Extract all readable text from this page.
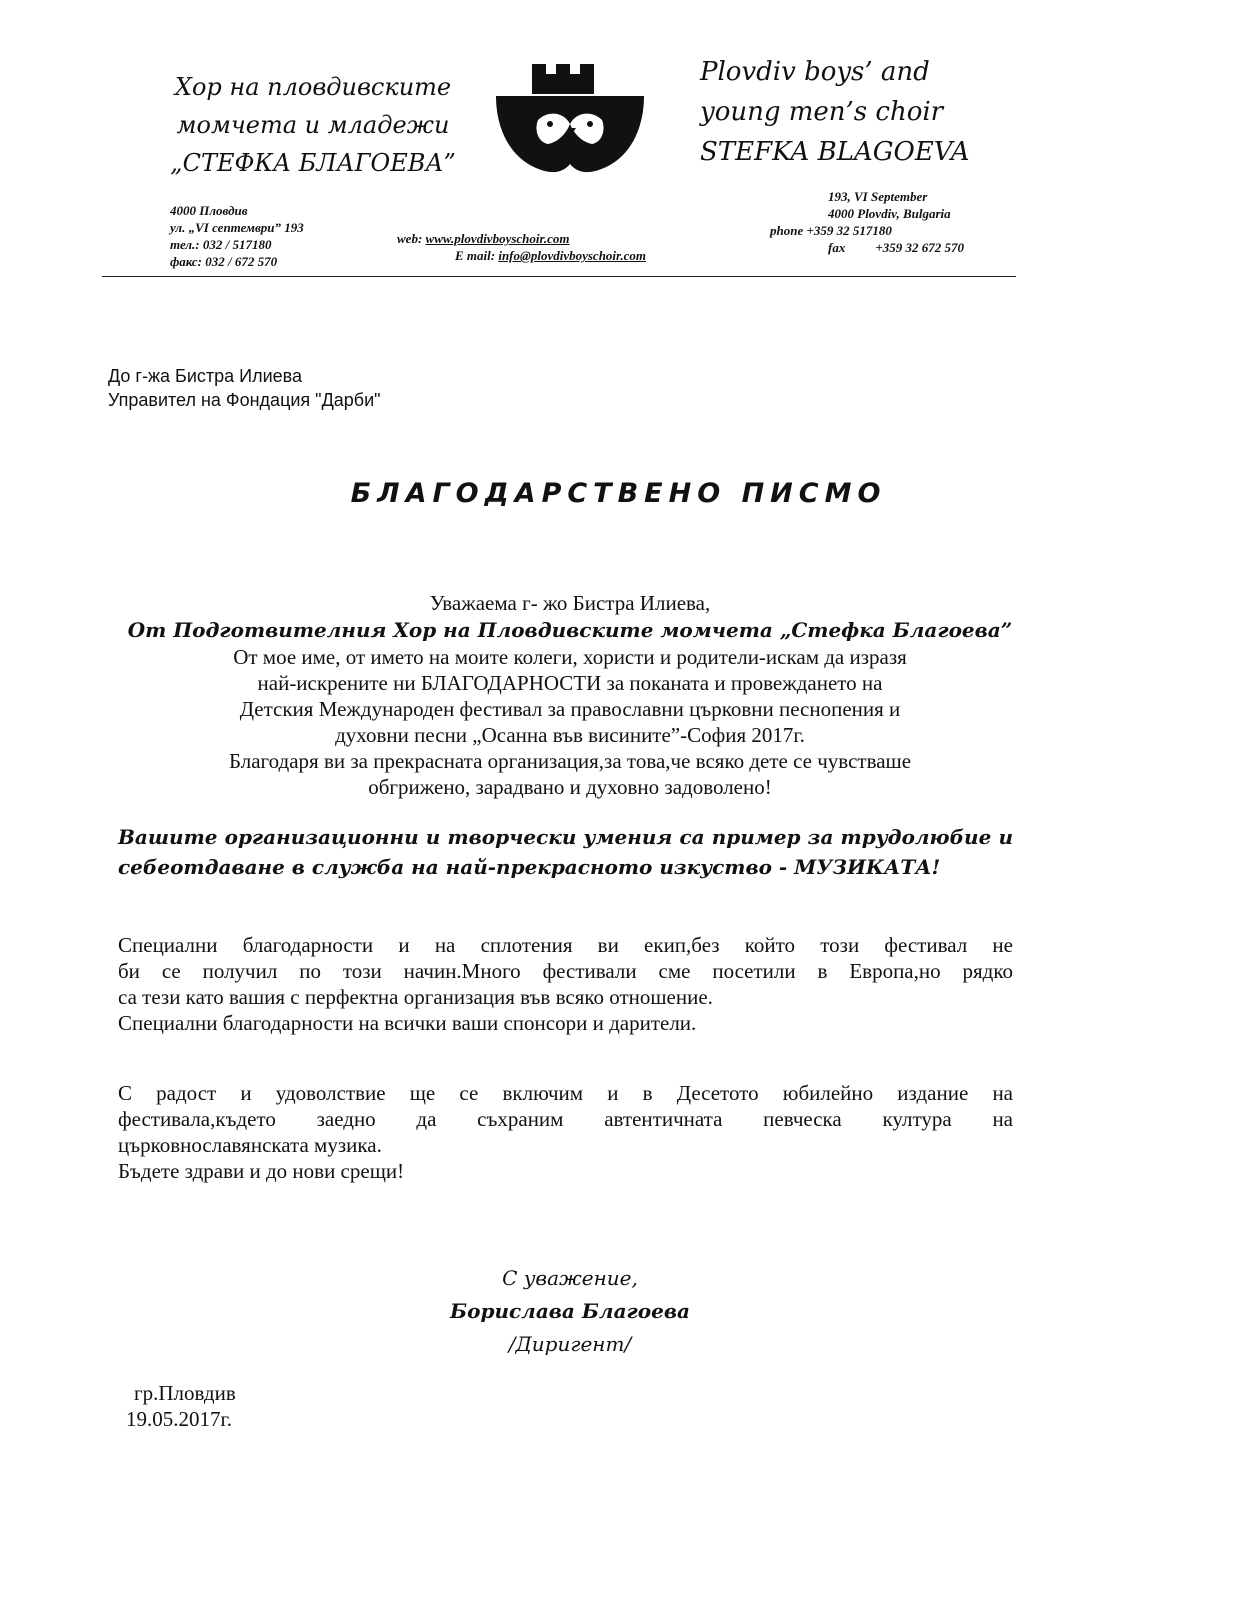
Хор на пловдивските
момчета и младежи
„СТЕФКА БЛАГОЕВА”
Plovdiv boys’ and
young men’s choir
STEFKA BLAGOEVA
4000 Пловдив
ул. „VI септември” 193
тел.: 032 / 517180
факс: 032 / 672 570
web: www.plovdivboyschoir.com
E mail: info@plovdivboyschoir.com
193, VI September
4000 Plovdiv, Bulgaria
phone +359 32 517180
fax +359 32 672 570
До г-жа Бистра Илиева
Управител на Фондация "Дарби"
БЛАГОДАРСТВЕНО ПИСМО
Уважаема г- жо Бистра Илиева,
От Подготвителния Хор на Пловдивските момчета „Стефка Благоева”
От мое име, от името на моите колеги, хористи и родители-искам да изразя
най-искрените ни БЛАГОДАРНОСТИ за поканата и провеждането на
Детския Международен фестивал за православни църковни песнопения и
духовни песни „Осанна във висините”-София 2017г.
Благодаря ви за прекрасната организация,за това,че всяко дете се чувстваше
обгрижено, зарадвано и духовно задоволено!
Вашите организационни и творчески умения са пример за трудолюбие и
себеотдаване в служба на най-прекрасното изкуство - МУЗИКАТА!
Специални благодарности и на сплотения ви екип,без който този фестивал не
би се получил по този начин.Много фестивали сме посетили в Европа,но рядко
са тези като вашия с перфектна организация във всяко отношение.
Специални благодарности на всички ваши спонсори и дарители.
С радост и удоволствие ще се включим и в Десетото юбилейно издание на
фестивала,където заедно да съхраним автентичната певческа култура на
църковнославянската музика.
Бъдете здрави и до нови срещи!
С уважение,
Борислава Благоева
/Диригент/
гр.Пловдив
19.05.2017г.
